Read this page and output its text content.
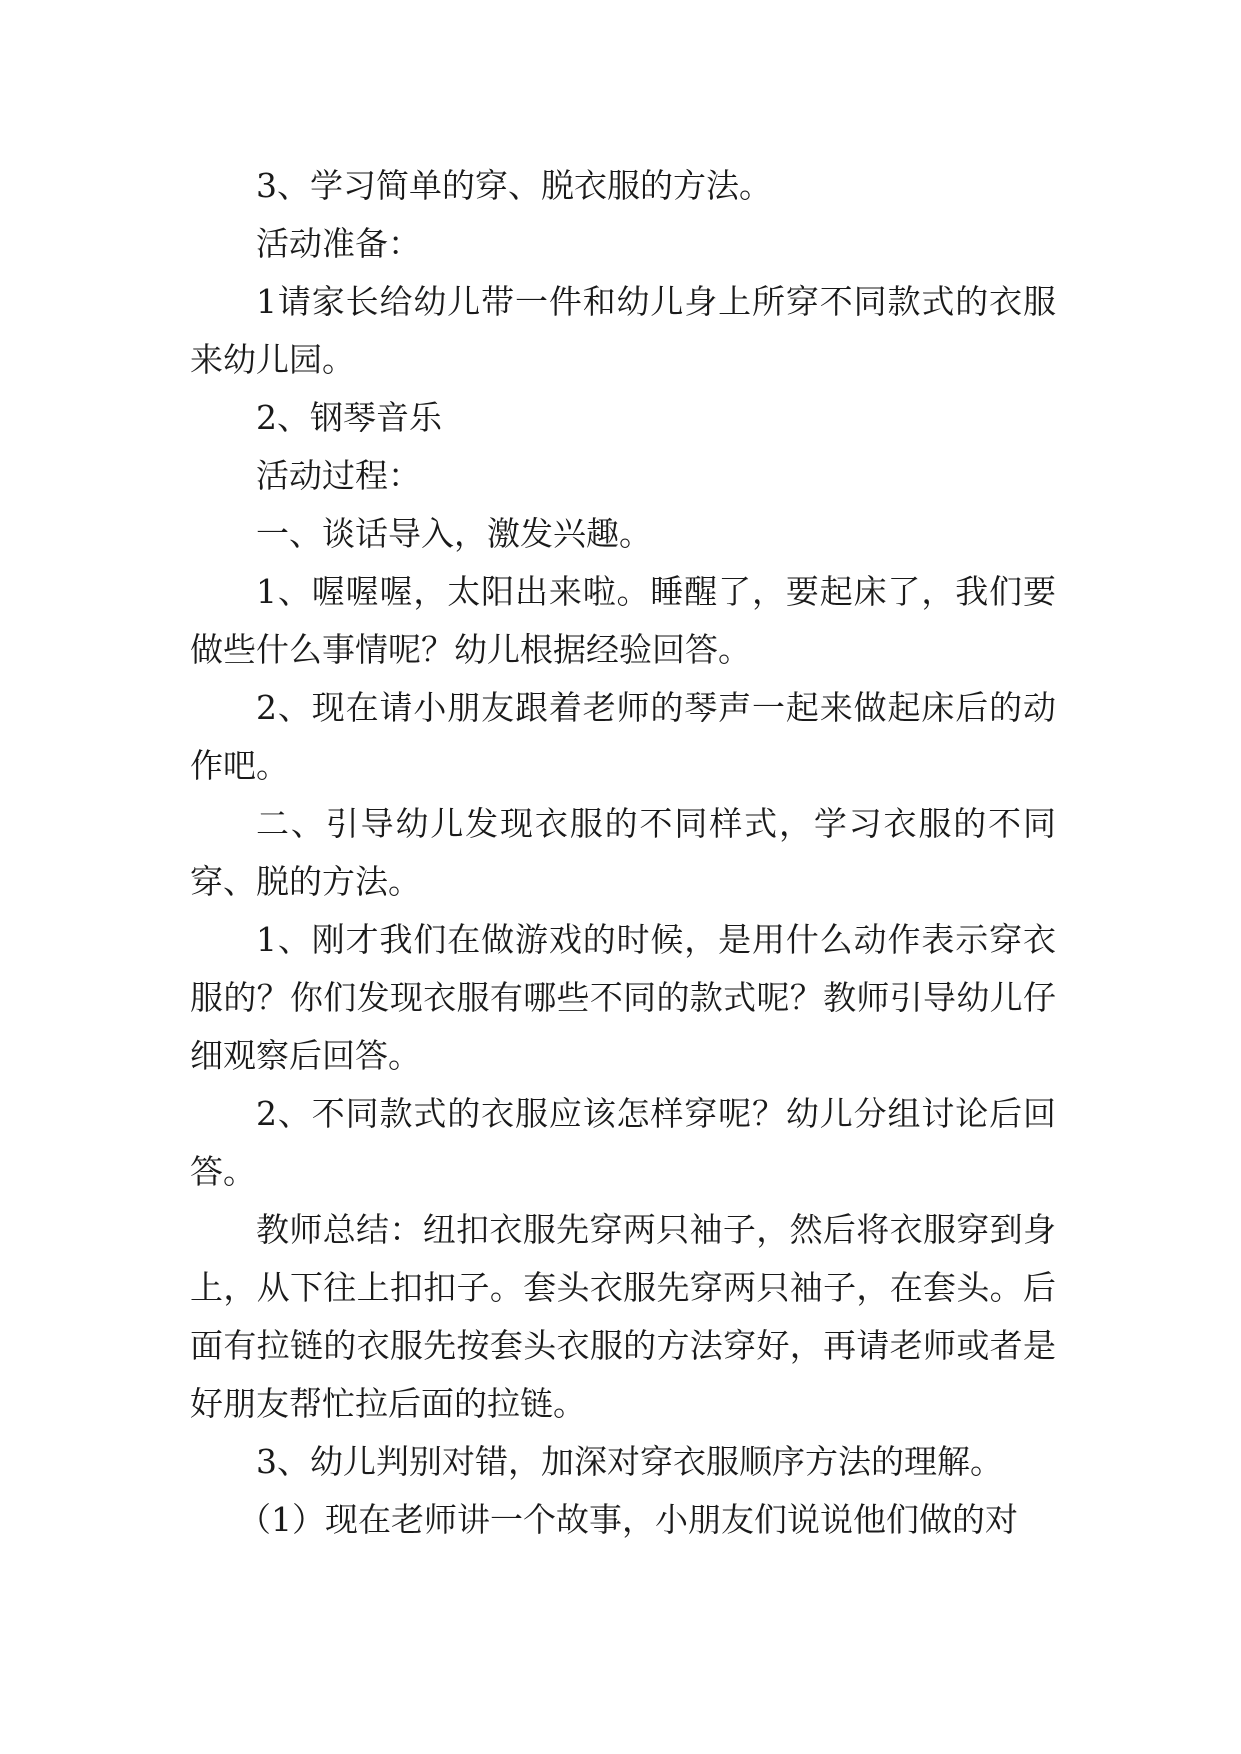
3、学习简单的穿、脱衣服的方法。

活动准备：

1请家长给幼儿带一件和幼儿身上所穿不同款式的衣服来幼儿园。

2、钢琴音乐

活动过程：

一、谈话导入，激发兴趣。

1、喔喔喔，太阳出来啦。睡醒了，要起床了，我们要做些什么事情呢？幼儿根据经验回答。

2、现在请小朋友跟着老师的琴声一起来做起床后的动作吧。

二、引导幼儿发现衣服的不同样式，学习衣服的不同穿、脱的方法。

1、刚才我们在做游戏的时候，是用什么动作表示穿衣服的？你们发现衣服有哪些不同的款式呢？教师引导幼儿仔细观察后回答。

2、不同款式的衣服应该怎样穿呢？幼儿分组讨论后回答。

教师总结：纽扣衣服先穿两只袖子，然后将衣服穿到身上，从下往上扣扣子。套头衣服先穿两只袖子，在套头。后面有拉链的衣服先按套头衣服的方法穿好，再请老师或者是好朋友帮忙拉后面的拉链。

3、幼儿判别对错，加深对穿衣服顺序方法的理解。

（1）现在老师讲一个故事，小朋友们说说他们做的对
